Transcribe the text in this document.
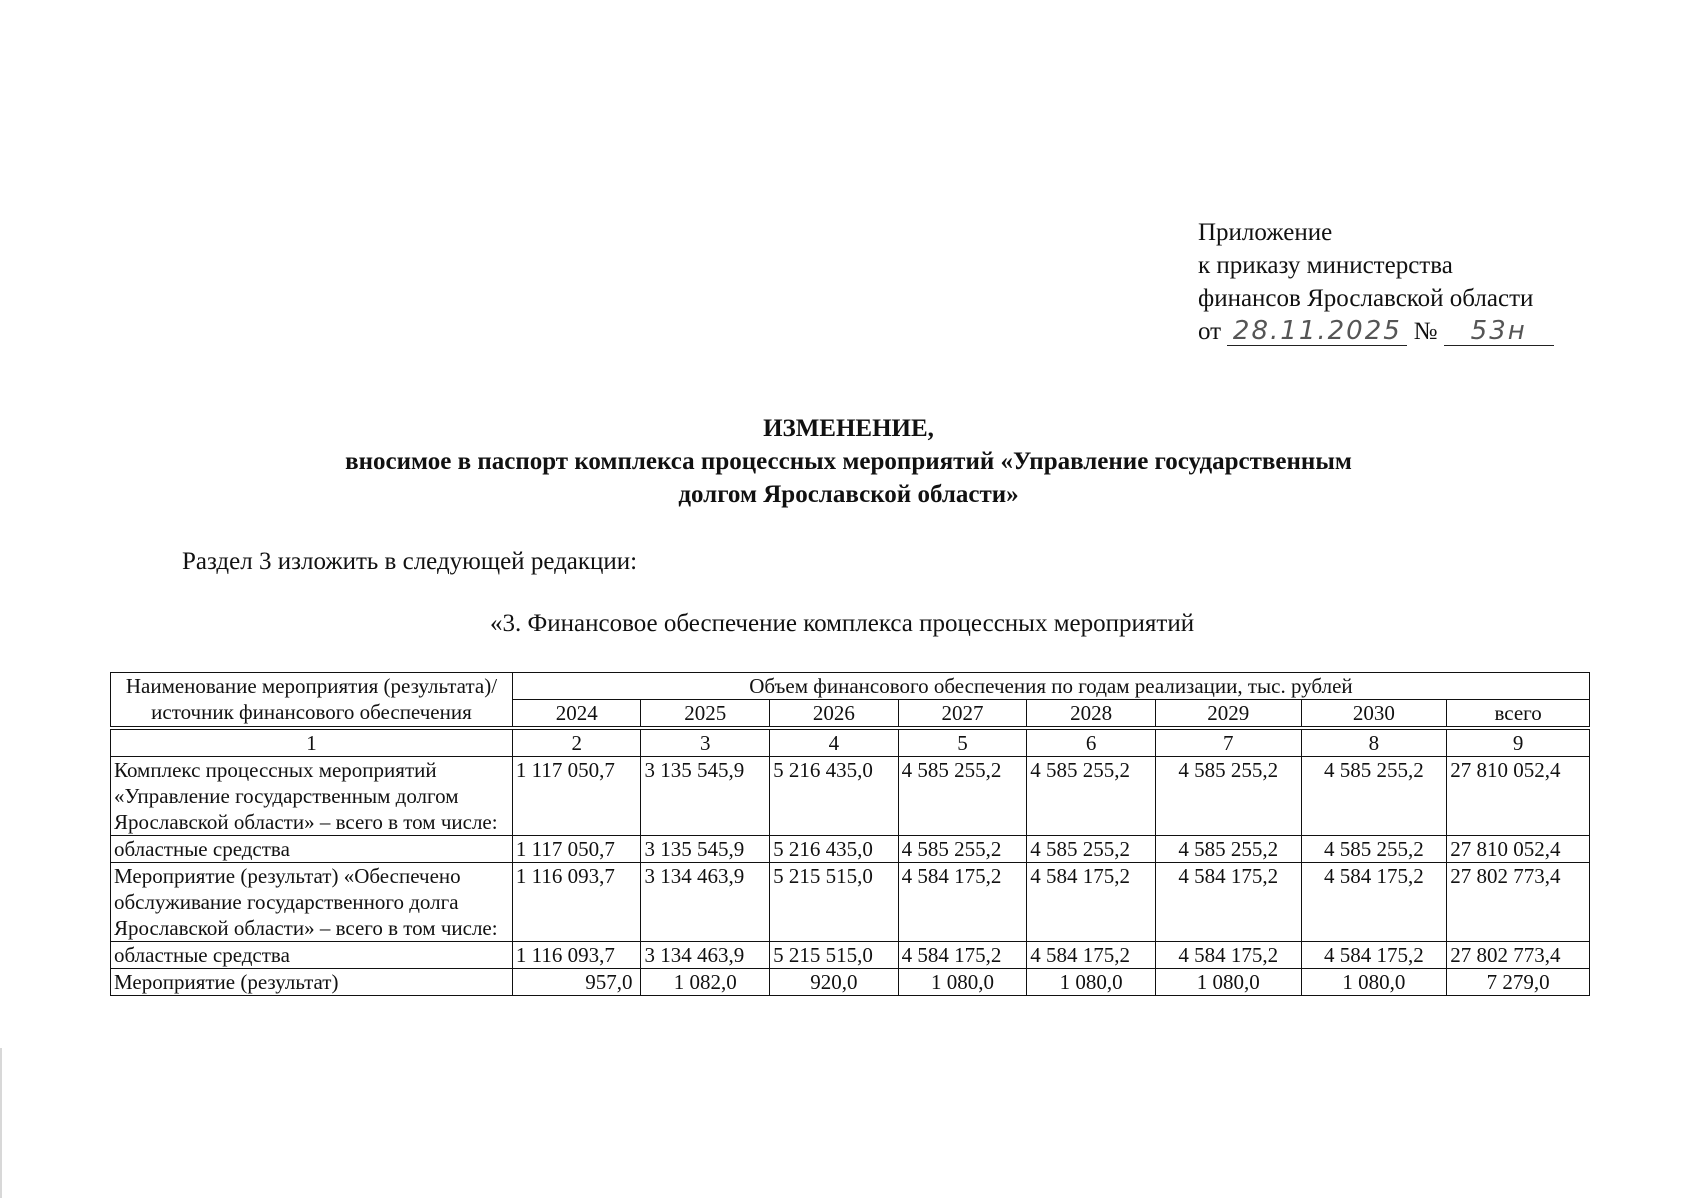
Приложение
к приказу министерства
финансов Ярославской области
от 28.11.2025 № 53н
ИЗМЕНЕНИЕ,
вносимое в паспорт комплекса процессных мероприятий «Управление государственным
долгом Ярославской области»
Раздел 3 изложить в следующей редакции:
«3. Финансовое обеспечение комплекса процессных мероприятий
Наименование мероприятия (результата)/ источник финансового обеспечения	Объем финансового обеспечения по годам реализации, тыс. рублей							
	2024	2025	2026	2027	2028	2029	2030	всего
1	2	3	4	5	6	7	8	9
Комплекс процессных мероприятий «Управление государственным долгом Ярославской области» – всего в том числе:	1 117 050,7	3 135 545,9	5 216 435,0	4 585 255,2	4 585 255,2	4 585 255,2	4 585 255,2	27 810 052,4
областные средства	1 117 050,7	3 135 545,9	5 216 435,0	4 585 255,2	4 585 255,2	4 585 255,2	4 585 255,2	27 810 052,4
Мероприятие (результат) «Обеспечено обслуживание государственного долга Ярославской области» – всего в том числе:	1 116 093,7	3 134 463,9	5 215 515,0	4 584 175,2	4 584 175,2	4 584 175,2	4 584 175,2	27 802 773,4
областные средства	1 116 093,7	3 134 463,9	5 215 515,0	4 584 175,2	4 584 175,2	4 584 175,2	4 584 175,2	27 802 773,4
Мероприятие (результат)	957,0	1 082,0	920,0	1 080,0	1 080,0	1 080,0	1 080,0	7 279,0
